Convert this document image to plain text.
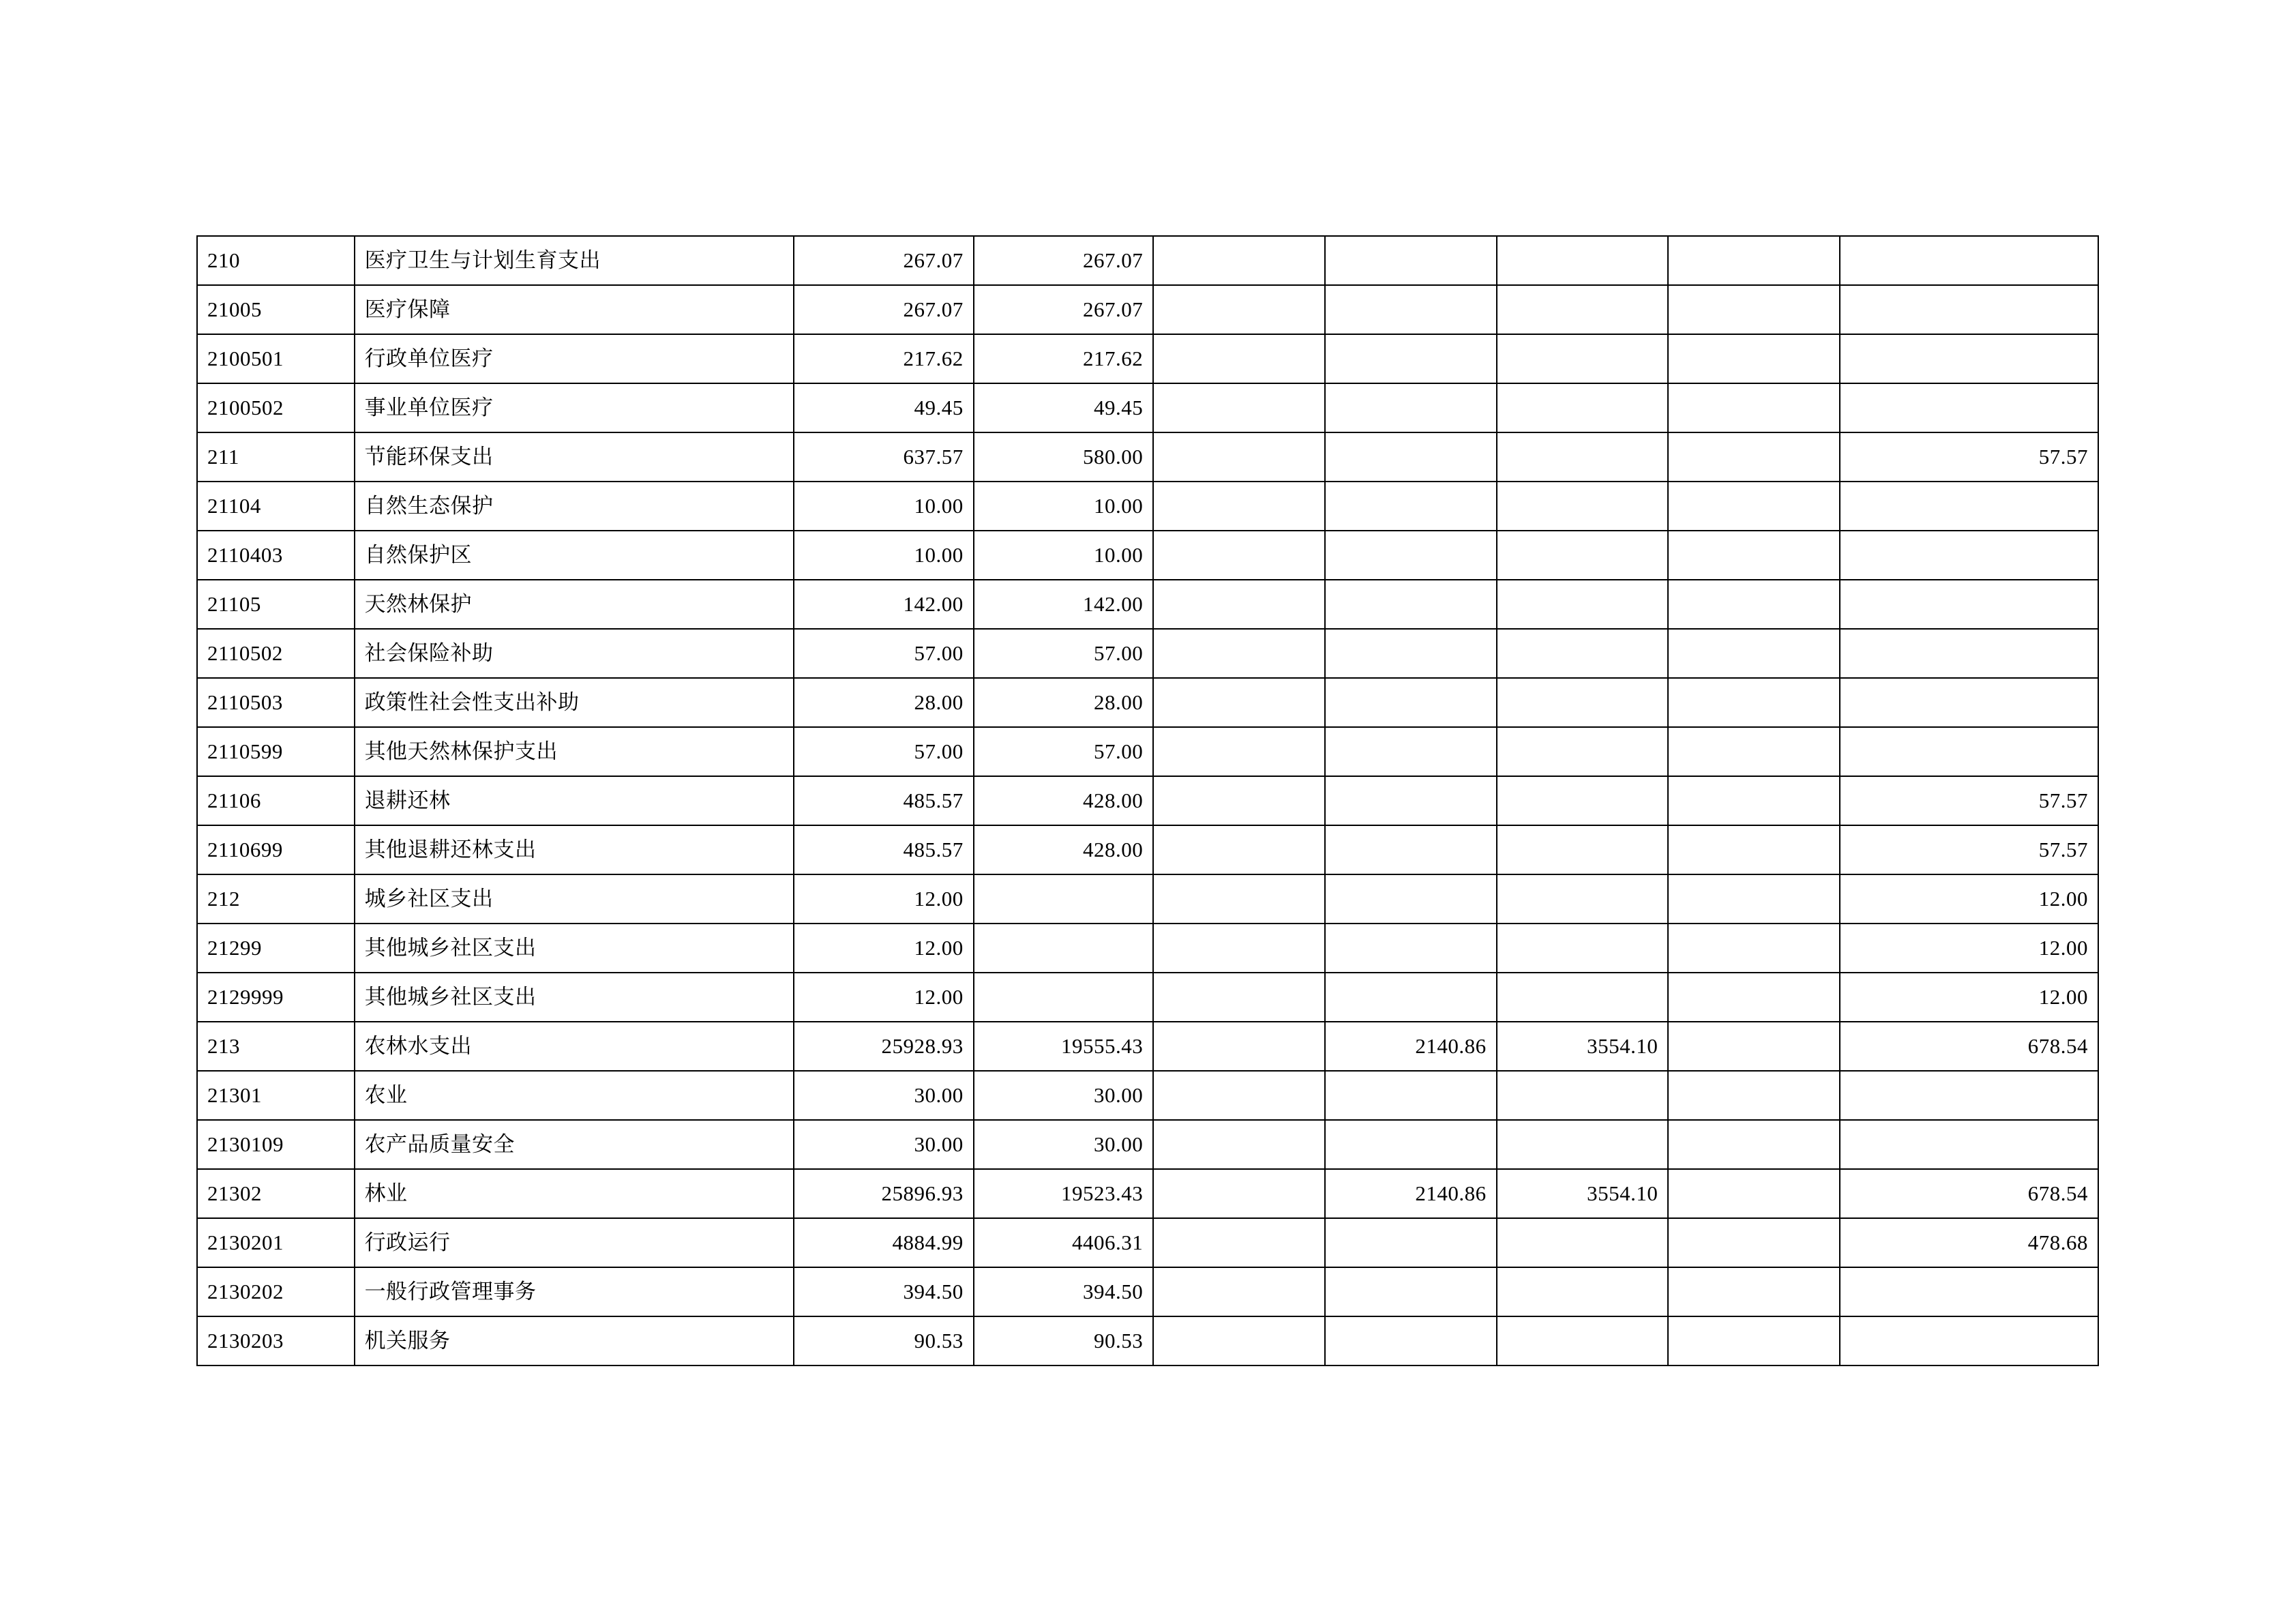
210	医疗卫生与计划生育支出	267.07	267.07					
21005	医疗保障	267.07	267.07					
2100501	行政单位医疗	217.62	217.62					
2100502	事业单位医疗	49.45	49.45					
211	节能环保支出	637.57	580.00					57.57
21104	自然生态保护	10.00	10.00					
2110403	自然保护区	10.00	10.00					
21105	天然林保护	142.00	142.00					
2110502	社会保险补助	57.00	57.00					
2110503	政策性社会性支出补助	28.00	28.00					
2110599	其他天然林保护支出	57.00	57.00					
21106	退耕还林	485.57	428.00					57.57
2110699	其他退耕还林支出	485.57	428.00					57.57
212	城乡社区支出	12.00						12.00
21299	其他城乡社区支出	12.00						12.00
2129999	其他城乡社区支出	12.00						12.00
213	农林水支出	25928.93	19555.43		2140.86	3554.10		678.54
21301	农业	30.00	30.00					
2130109	农产品质量安全	30.00	30.00					
21302	林业	25896.93	19523.43		2140.86	3554.10		678.54
2130201	行政运行	4884.99	4406.31					478.68
2130202	一般行政管理事务	394.50	394.50					
2130203	机关服务	90.53	90.53					
